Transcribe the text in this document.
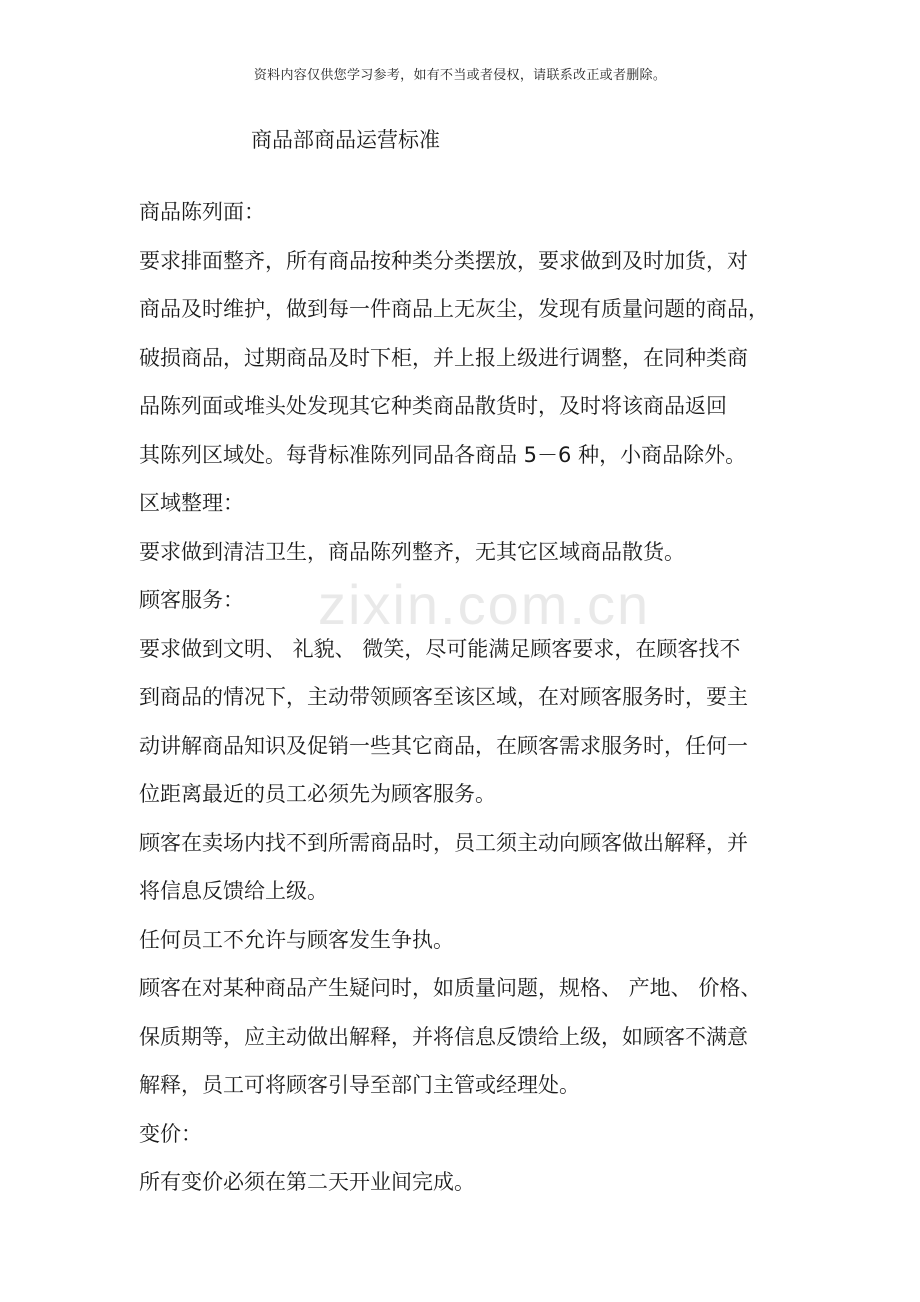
资料内容仅供您学习参考，如有不当或者侵权，请联系改正或者删除。
商品部商品运营标准
zixin.com.cn
商品陈列面：
要求排面整齐，所有商品按种类分类摆放，要求做到及时加货，对
商品及时维护，做到每一件商品上无灰尘，发现有质量问题的商品，
破损商品，过期商品及时下柜，并上报上级进行调整，在同种类商
品陈列面或堆头处发现其它种类商品散货时，及时将该商品返回
其陈列区域处。每背标准陈列同品各商品 5－6 种，小商品除外。
区域整理：
要求做到清洁卫生，商品陈列整齐，无其它区域商品散货。
顾客服务：
要求做到文明、 礼貌、 微笑，尽可能满足顾客要求，在顾客找不
到商品的情况下，主动带领顾客至该区域，在对顾客服务时，要主
动讲解商品知识及促销一些其它商品，在顾客需求服务时，任何一
位距离最近的员工必须先为顾客服务。
顾客在卖场内找不到所需商品时，员工须主动向顾客做出解释，并
将信息反馈给上级。
任何员工不允许与顾客发生争执。
顾客在对某种商品产生疑问时，如质量问题，规格、 产地、 价格、
保质期等，应主动做出解释，并将信息反馈给上级，如顾客不满意
解释，员工可将顾客引导至部门主管或经理处。
变价：
所有变价必须在第二天开业间完成。
